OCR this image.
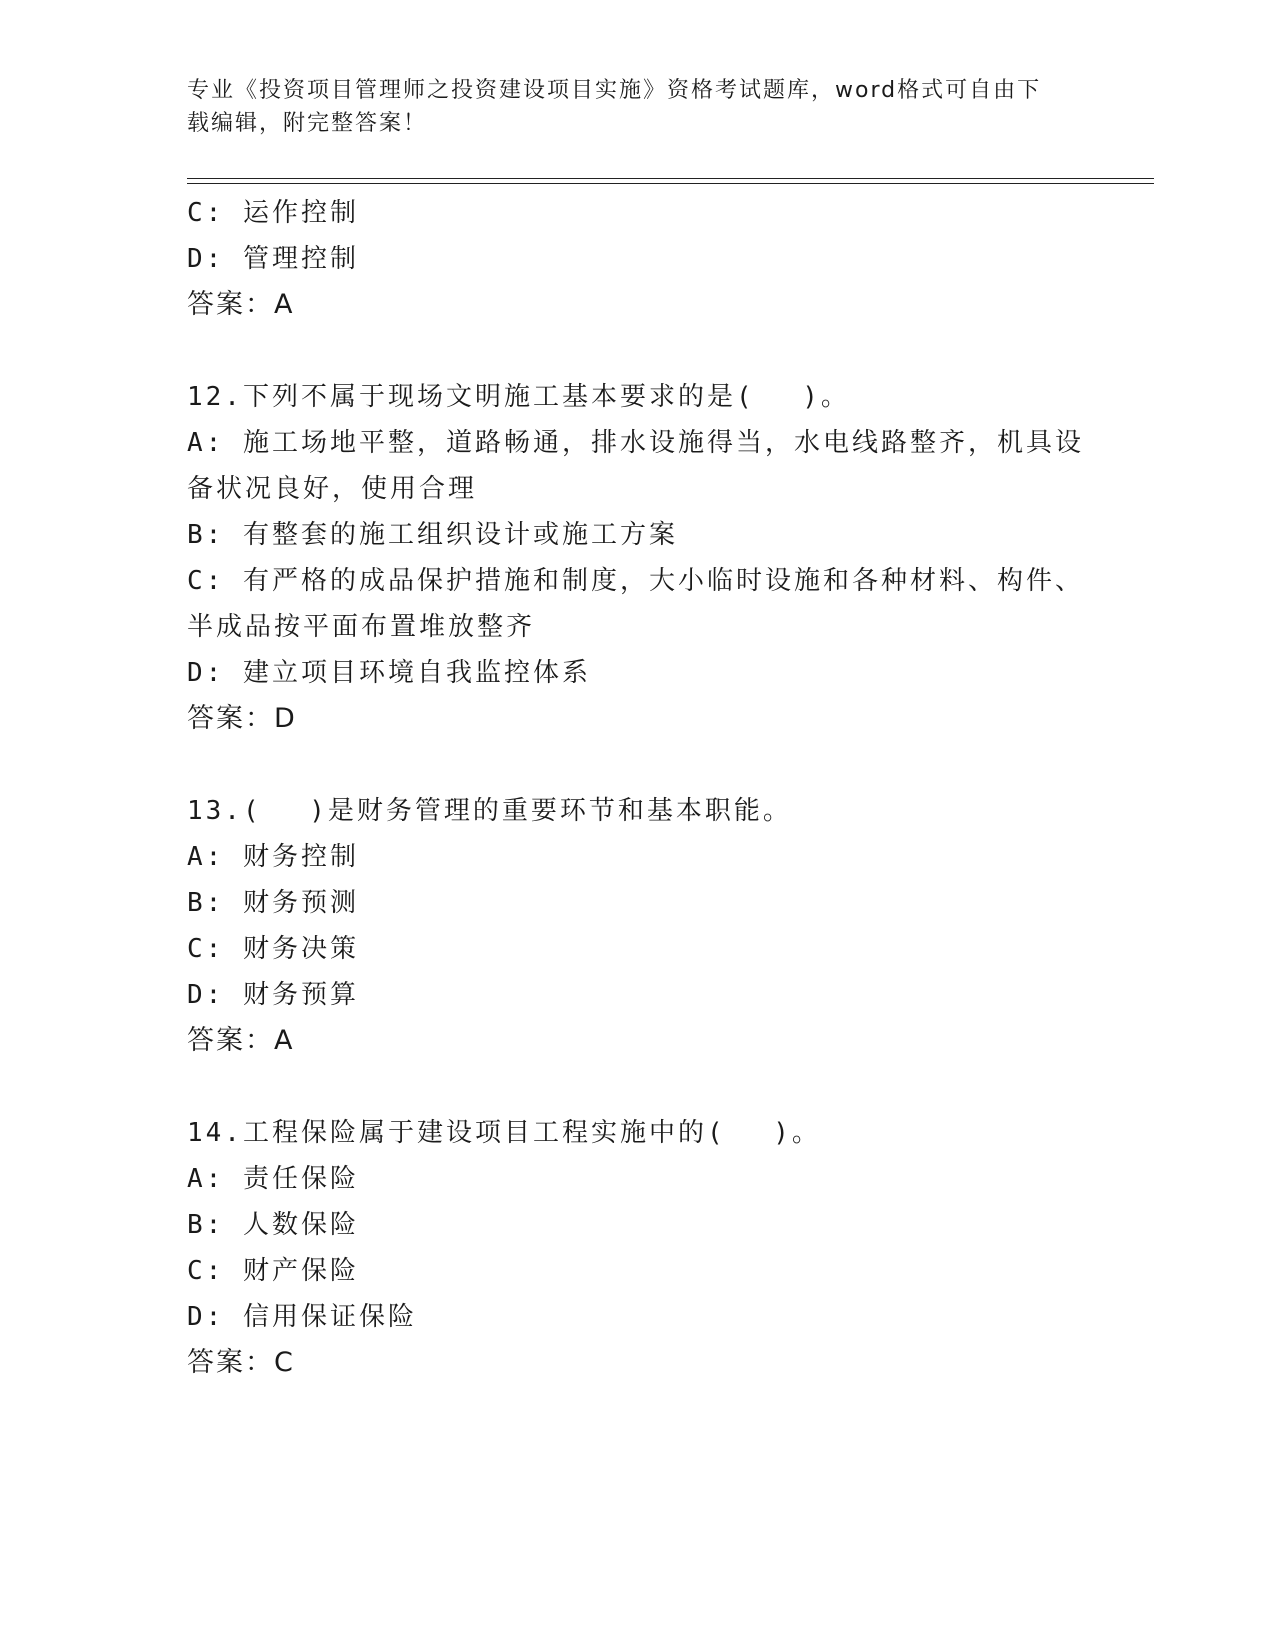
专业《投资项目管理师之投资建设项目实施》资格考试题库，word格式可自由下
载编辑，附完整答案！
C: 运作控制
D: 管理控制
答案：A
12.下列不属于现场文明施工基本要求的是(　 )。
A: 施工场地平整，道路畅通，排水设施得当，水电线路整齐，机具设
备状况良好，使用合理
B: 有整套的施工组织设计或施工方案
C: 有严格的成品保护措施和制度，大小临时设施和各种材料、构件、
半成品按平面布置堆放整齐
D: 建立项目环境自我监控体系
答案：D
13.(　 )是财务管理的重要环节和基本职能。
A: 财务控制
B: 财务预测
C: 财务决策
D: 财务预算
答案：A
14.工程保险属于建设项目工程实施中的(　 )。
A: 责任保险
B: 人数保险
C: 财产保险
D: 信用保证保险
答案：C
